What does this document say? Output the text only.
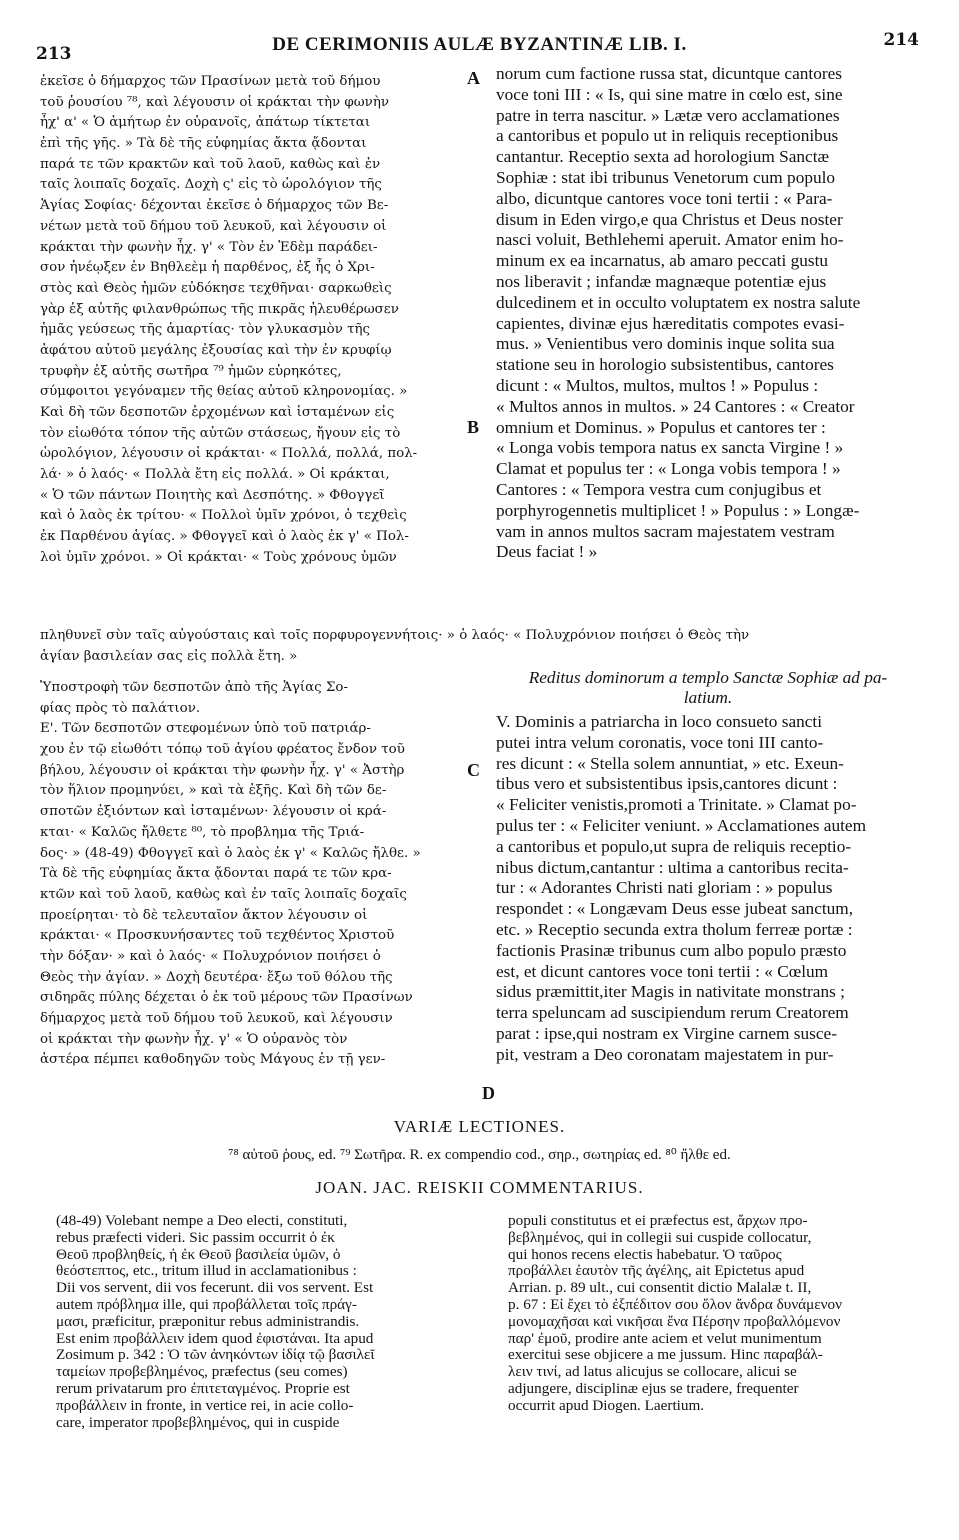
213	DE CERIMONIIS AULÆ BYZANTINÆ LIB. I.	214
ἐκεῖσε ὁ δήμαρχος τῶν Πρασίνων μετὰ τοῦ δήμου
τοῦ ῥουσίου ⁷⁸, καὶ λέγουσιν οἱ κράκται τὴν φωνὴν
ἦχ' α' « Ὁ ἀμήτωρ ἐν οὐρανοῖς, ἀπάτωρ τίκτεται
ἐπὶ τῆς γῆς. » Τὰ δὲ τῆς εὐφημίας ἄκτα ᾄδονται
παρά τε τῶν κρακτῶν καὶ τοῦ λαοῦ, καθὼς καὶ ἐν
ταῖς λοιπαῖς δοχαῖς. Δοχὴ ς' εἰς τὸ ὡρολόγιον τῆς
Ἁγίας Σοφίας· δέχονται ἐκεῖσε ὁ δήμαρχος τῶν Βε-
νέτων μετὰ τοῦ δήμου τοῦ λευκοῦ, καὶ λέγουσιν οἱ
κράκται τὴν φωνὴν ἦχ. γ' « Τὸν ἐν Ἐδὲμ παράδει-
σον ἠνέῳξεν ἐν Βηθλεὲμ ἡ παρθένος, ἐξ ἧς ὁ Χρι-
στὸς καὶ Θεὸς ἡμῶν εὐδόκησε τεχθῆναι· σαρκωθεὶς
γὰρ ἐξ αὐτῆς φιλανθρώπως τῆς πικρᾶς ἠλευθέρωσεν
ἡμᾶς γεύσεως τῆς ἁμαρτίας· τὸν γλυκασμὸν τῆς
ἀφάτου αὐτοῦ μεγάλης ἐξουσίας καὶ τὴν ἐν κρυφίῳ
τρυφὴν ἐξ αὐτῆς σωτῆρα ⁷⁹ ἡμῶν εὑρηκότες,
σύμφοιτοι γεγόναμεν τῆς θείας αὐτοῦ κληρονομίας. »
Καὶ δὴ τῶν δεσποτῶν ἐρχομένων καὶ ἱσταμένων εἰς
τὸν εἰωθότα τόπον τῆς αὐτῶν στάσεως, ἤγουν εἰς τὸ
ὡρολόγιον, λέγουσιν οἱ κράκται· « Πολλά, πολλά, πολ-
λά· » ὁ λαός· « Πολλὰ ἔτη εἰς πολλά. » Οἱ κράκται,
« Ὁ τῶν πάντων Ποιητὴς καὶ Δεσπότης. » Φθογγεῖ
καὶ ὁ λαὸς ἐκ τρίτου· « Πολλοὶ ὑμῖν χρόνοι, ὁ τεχθεὶς
ἐκ Παρθένου ἁγίας. » Φθογγεῖ καὶ ὁ λαὸς ἐκ γ' « Πολ-
λοὶ ὑμῖν χρόνοι. » Οἱ κράκται· « Τοὺς χρόνους ὑμῶν
norum cum factione russa stat, dicuntque cantores
voce toni III : « Is, qui sine matre in cœlo est, sine
patre in terra nascitur. » Lætæ vero acclamationes
a cantoribus et populo ut in reliquis receptionibus
cantantur. Receptio sexta ad horologium Sanctæ
Sophiæ : stat ibi tribunus Venetorum cum populo
albo, dicuntque cantores voce toni tertii : « Para-
disum in Eden virgo,e qua Christus et Deus noster
nasci voluit, Bethlehemi aperuit. Amator enim ho-
minum ex ea incarnatus, ab amaro peccati gustu
nos liberavit ; infandæ magnæque potentiæ ejus
dulcedinem et in occulto voluptatem ex nostra salute
capientes, divinæ ejus hæreditatis compotes evasi-
mus. » Venientibus vero dominis inque solita sua
statione seu in horologio subsistentibus, cantores
dicunt : « Multos, multos, multos ! » Populus :
« Multos annos in multos. » 24 Cantores : « Creator
omnium et Dominus. » Populus et cantores ter :
« Longa vobis tempora natus ex sancta Virgine ! »
Clamat et populus ter : « Longa vobis tempora ! »
Cantores : « Tempora vestra cum conjugibus et
porphyrogennetis multiplicet ! » Populus : » Longæ-
vam in annos multos sacram majestatem vestram
Deus faciat ! »
A
B
C
D
πληθυνεῖ σὺν ταῖς αὐγούσταις καὶ τοῖς πορφυρογεννήτοις· » ὁ λαός· « Πολυχρόνιον ποιήσει ὁ Θεὸς τὴν
ἁγίαν βασιλείαν σας εἰς πολλὰ ἔτη. »
Ὑποστροφὴ τῶν δεσποτῶν ἀπὸ τῆς Ἁγίας Σο-
φίας πρὸς τὸ παλάτιον.
Ε'. Τῶν δεσποτῶν στεφομένων ὑπὸ τοῦ πατριάρ-
χου ἐν τῷ εἰωθότι τόπῳ τοῦ ἁγίου φρέατος ἔνδον τοῦ
βήλου, λέγουσιν οἱ κράκται τὴν φωνὴν ἦχ. γ' « Ἀστὴρ
τὸν ἥλιον προμηνύει, » καὶ τὰ ἑξῆς. Καὶ δὴ τῶν δε-
σποτῶν ἐξιόντων καὶ ἱσταμένων· λέγουσιν οἱ κρά-
κται· « Καλῶς ἤλθετε ⁸⁰, τὸ προβλημα τῆς Τριά-
δος· » (48-49) Φθογγεῖ καὶ ὁ λαὸς ἐκ γ' « Καλῶς ἤλθε. »
Τὰ δὲ τῆς εὐφημίας ἄκτα ᾄδονται παρά τε τῶν κρα-
κτῶν καὶ τοῦ λαοῦ, καθὼς καὶ ἐν ταῖς λοιπαῖς δοχαῖς
προείρηται· τὸ δὲ τελευταῖον ἄκτον λέγουσιν οἱ
κράκται· « Προσκυνήσαντες τοῦ τεχθέντος Χριστοῦ
τὴν δόξαν· » καὶ ὁ λαός· « Πολυχρόνιον ποιήσει ὁ
Θεὸς τὴν ἁγίαν. » Δοχὴ δευτέρα· ἔξω τοῦ θόλου τῆς
σιδηρᾶς πύλης δέχεται ὁ ἐκ τοῦ μέρους τῶν Πρασίνων
δήμαρχος μετὰ τοῦ δήμου τοῦ λευκοῦ, καὶ λέγουσιν
οἱ κράκται τὴν φωνὴν ἦχ. γ' « Ὁ οὐρανὸς τὸν
ἀστέρα πέμπει καθοδηγῶν τοὺς Μάγους ἐν τῇ γεν-
Reditus dominorum a templo Sanctæ Sophiæ ad pa-
latium.
V. Dominis a patriarcha in loco consueto sancti
putei intra velum coronatis, voce toni III canto-
res dicunt : « Stella solem annuntiat, » etc. Exeun-
tibus vero et subsistentibus ipsis,cantores dicunt :
« Feliciter venistis,promoti a Trinitate. » Clamat po-
pulus ter : « Feliciter veniunt. » Acclamationes autem
a cantoribus et populo,ut supra de reliquis receptio-
nibus dictum,cantantur : ultima a cantoribus recita-
tur : « Adorantes Christi nati gloriam : » populus
respondet : « Longævam Deus esse jubeat sanctum,
etc. » Receptio secunda extra tholum ferreæ portæ :
factionis Prasinæ tribunus cum albo populo præsto
est, et dicunt cantores voce toni tertii : « Cœlum
sidus præmittit,iter Magis in nativitate monstrans ;
terra speluncam ad suscipiendum rerum Creatorem
parat : ipse,qui nostram ex Virgine carnem susce-
pit, vestram a Deo coronatam majestatem in pur-
VARIÆ LECTIONES.
⁷⁸ αὐτοῦ ῥους, ed. ⁷⁹ Σωτῆρα. R. ex compendio cod., σηρ., σωτηρίας ed. ⁸⁰ ἤλθε ed.
JOAN. JAC. REISKII COMMENTARIUS.
(48-49) Volebant nempe a Deo electi, constituti,
rebus præfecti videri. Sic passim occurrit ὁ ἐκ
Θεοῦ προβληθείς, ἡ ἐκ Θεοῦ βασιλεία ὑμῶν, ὁ
θεόστεπτος, etc., tritum illud in acclamationibus :
Dii vos servent, dii vos fecerunt. dii vos servent. Est
autem πρόβλημα ille, qui προβάλλεται τοῖς πράγ-
μασι, præficitur, præponitur rebus administrandis.
Est enim προβάλλειν idem quod ἐφιστάναι. Ita apud
Zosimum p. 342 : Ὁ τῶν ἀνηκόντων ἰδίᾳ τῷ βασιλεῖ
ταμείων προβεβλημένος, præfectus (seu comes)
rerum privatarum pro ἐπιτεταγμένος. Proprie est
προβάλλειν in fronte, in vertice rei, in acie collo-
care, imperator προβεβλημένος, qui in cuspide
populi constitutus et ei præfectus est, ἄρχων προ-
βεβλημένος, qui in collegii sui cuspide collocatur,
qui honos recens electis habebatur. Ὁ ταῦρος
προβάλλει ἑαυτὸν τῆς ἀγέλης, ait Epictetus apud
Arrian. p. 89 ult., cui consentit dictio Malalæ t. II,
p. 67 : Εἰ ἔχει τὸ ἐξπέδιτον σου ὅλον ἄνδρα δυνάμενον
μονομαχῆσαι καὶ νικῆσαι ἕνα Πέρσην προβαλλόμενον
παρ' ἐμοῦ, prodire ante aciem et velut munimentum
exercitui sese objicere a me jussum. Hinc παραβάλ-
λειν τινί, ad latus alicujus se collocare, alicui se
adjungere, disciplinæ ejus se tradere, frequenter
occurrit apud Diogen. Laertium.
